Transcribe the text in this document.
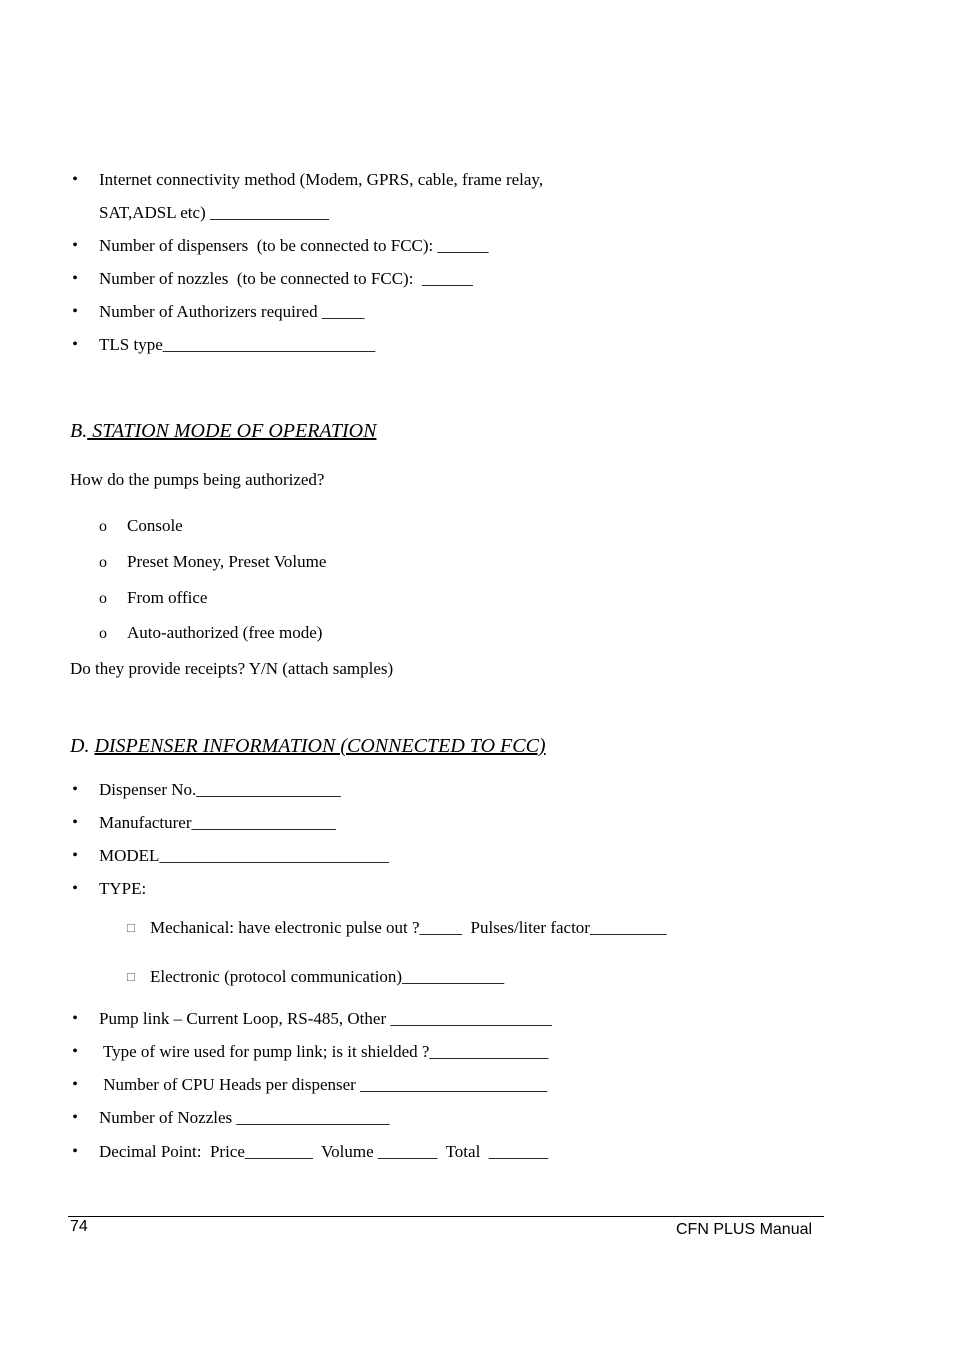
• Internet connectivity method (Modem, GPRS, cable, frame relay,
SAT,ADSL etc) ______________
• Number of dispensers  (to be connected to FCC): ______
• Number of nozzles  (to be connected to FCC):  ______
• Number of Authorizers required _____
• TLS type_________________________
B. STATION MODE OF OPERATION
How do the pumps being authorized?
o Console
o Preset Money, Preset Volume
o From office
o Auto-authorized (free mode)
Do they provide receipts? Y/N (attach samples)
D. DISPENSER INFORMATION (CONNECTED TO FCC)
• Dispenser No._________________
• Manufacturer_________________
• MODEL___________________________
• TYPE:
□ Mechanical: have electronic pulse out ?_____  Pulses/liter factor_________
□ Electronic (protocol communication)____________
• Pump link – Current Loop, RS-485, Other ___________________
• Type of wire used for pump link; is it shielded ?______________
• Number of CPU Heads per dispenser ______________________
• Number of Nozzles __________________
• Decimal Point:  Price________  Volume _______  Total  _______
74	CFN PLUS Manual
